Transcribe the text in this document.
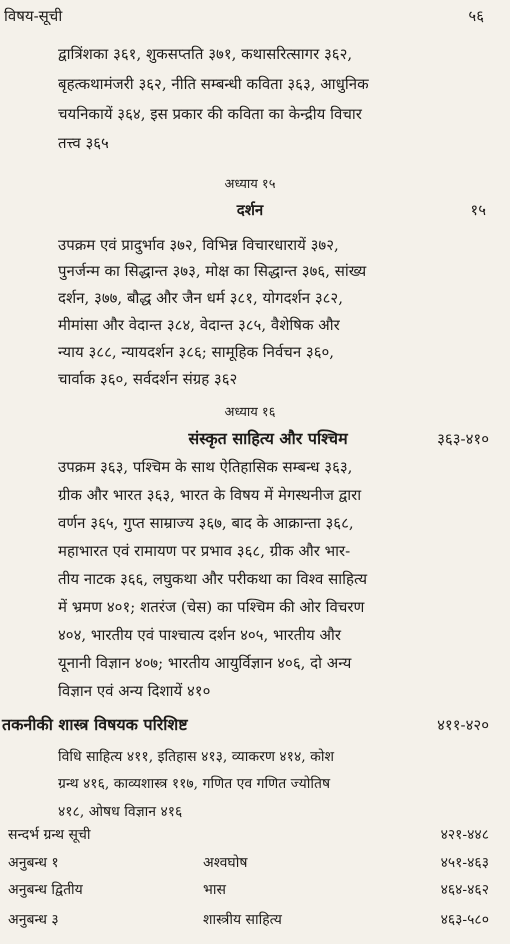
विषय-सूची	५६
द्वात्रिंशका ३६१, शुकसप्तति ३७१, कथासरित्सागर ३६२,
बृहत्कथामंजरी ३६२, नीति सम्बन्धी कविता ३६३, आधुनिक
चयनिकायें ३६४, इस प्रकार की कविता का केन्द्रीय विचार
तत्त्व ३६५
अध्याय १५
दर्शन	१५
उपक्रम एवं प्रादुर्भाव ३७२, विभिन्न विचारधारायें ३७२,
पुनर्जन्म का सिद्धान्त ३७३, मोक्ष का सिद्धान्त ३७६, सांख्य
दर्शन, ३७७, बौद्ध और जैन धर्म ३८१, योगदर्शन ३८२,
मीमांसा और वेदान्त ३८४, वेदान्त ३८५, वैशेषिक और
न्याय ३८८, न्यायदर्शन ३८६; सामूहिक निर्वचन ३६०,
चार्वाक ३६०, सर्वदर्शन संग्रह ३६२
अध्याय १६
संस्कृत साहित्य और पश्चिम	३६३-४१०
उपक्रम ३६३, पश्चिम के साथ ऐतिहासिक सम्बन्ध ३६३,
ग्रीक और भारत ३६३, भारत के विषय में मेगस्थनीज द्वारा
वर्णन ३६५, गुप्त साम्राज्य ३६७, बाद के आक्रान्ता ३६८,
महाभारत एवं रामायण पर प्रभाव ३६८, ग्रीक और भार-
तीय नाटक ३६६, लघुकथा और परीकथा का विश्व साहित्य
में भ्रमण ४०१; शतरंज (चेस) का पश्चिम की ओर विचरण
४०४, भारतीय एवं पाश्चात्य दर्शन ४०५, भारतीय और
यूनानी विज्ञान ४०७; भारतीय आयुर्विज्ञान ४०६, दो अन्य
विज्ञान एवं अन्य दिशायें ४१०
तकनीकी शास्त्र विषयक परिशिष्ट	४११-४२०
विधि साहित्य ४११, इतिहास ४१३, व्याकरण ४१४, कोश
ग्रन्थ ४१६, काव्यशास्त्र ११७, गणित एव गणित ज्योतिष
४१८, ओषध विज्ञान ४१६
सन्दर्भ ग्रन्थ सूची	४२१-४४८
अनुबन्ध १	अश्वघोष	४५१-४६३
अनुबन्ध द्वितीय	भास	४६४-४६२
अनुबन्ध ३	शास्त्रीय साहित्य	४६३-५८०
